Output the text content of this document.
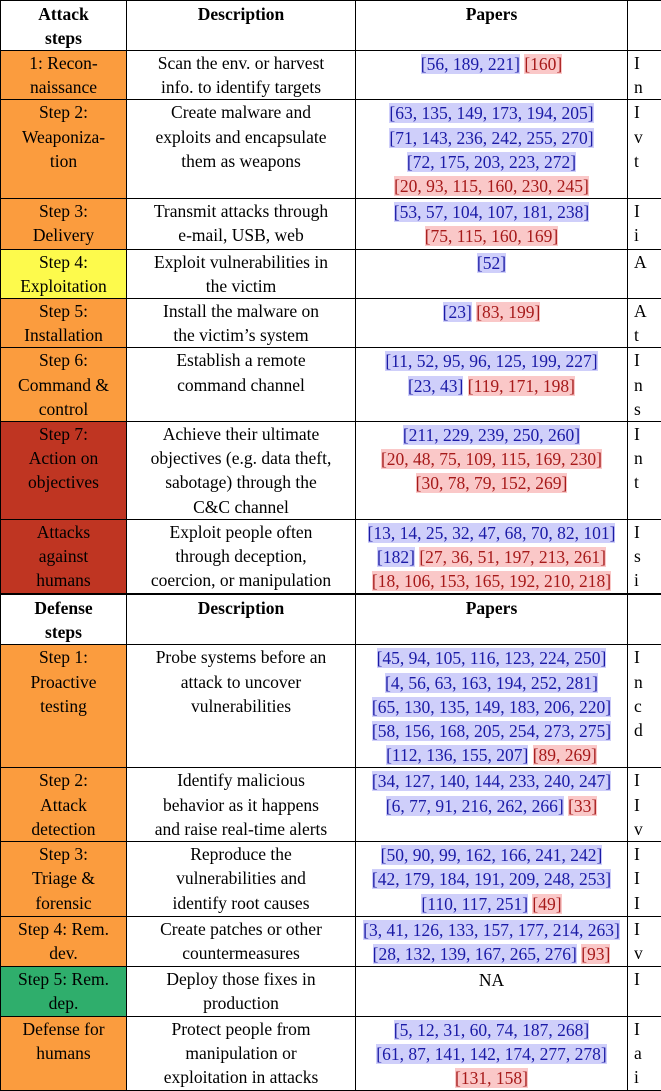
Attack steps	Description	Papers	

1: Recon-
naissance	Scan the env. or harvest
info. to identify targets	[56, 189, 221] [160]	I
n

Step 2:
Weaponiza-
tion	Create malware and
exploits and encapsulate
them as weapons	[63, 135, 149, 173, 194, 205]
[71, 143, 236, 242, 255, 270]
[72, 175, 203, 223, 272]
[20, 93, 115, 160, 230, 245]	I
v
t

Step 3:
Delivery	Transmit attacks through
e-mail, USB, web	[53, 57, 104, 107, 181, 238]
[75, 115, 160, 169]	I
i

Step 4:
Exploitation	Exploit vulnerabilities in
the victim	[52]	A

Step 5:
Installation	Install the malware on
the victim’s system	[23] [83, 199]	A
t

Step 6:
Command &
control	Establish a remote
command channel	[11, 52, 95, 96, 125, 199, 227]
[23, 43] [119, 171, 198]	I
n
s

Step 7:
Action on
objectives	Achieve their ultimate
objectives (e.g. data theft,
sabotage) through the
C&C channel	[211, 229, 239, 250, 260]
[20, 48, 75, 109, 115, 169, 230]
[30, 78, 79, 152, 269]	I
n
t

Attacks
against
humans	Exploit people often
through deception,
coercion, or manipulation	[13, 14, 25, 32, 47, 68, 70, 82, 101]
[182] [27, 36, 51, 197, 213, 261]
[18, 106, 153, 165, 192, 210, 218]	I
s
i

Defense steps	Description	Papers	

Step 1:
Proactive
testing	Probe systems before an
attack to uncover
vulnerabilities	[45, 94, 105, 116, 123, 224, 250]
[4, 56, 63, 163, 194, 252, 281]
[65, 130, 135, 149, 183, 206, 220]
[58, 156, 168, 205, 254, 273, 275]
[112, 136, 155, 207] [89, 269]	I
n
c
d

Step 2:
Attack
detection	Identify malicious
behavior as it happens
and raise real-time alerts	[34, 127, 140, 144, 233, 240, 247]
[6, 77, 91, 216, 262, 266] [33]	I
I
v

Step 3:
Triage &
forensic	Reproduce the
vulnerabilities and
identify root causes	[50, 90, 99, 162, 166, 241, 242]
[42, 179, 184, 191, 209, 248, 253]
[110, 117, 251] [49]	I
I
I

Step 4: Rem.
dev.	Create patches or other
countermeasures	[3, 41, 126, 133, 157, 177, 214, 263]
[28, 132, 139, 167, 265, 276] [93]	I
v

Step 5: Rem.
dep.	Deploy those fixes in
production	NA	I

Defense for
humans	Protect people from
manipulation or
exploitation in attacks	[5, 12, 31, 60, 74, 187, 268]
[61, 87, 141, 142, 174, 277, 278]
[131, 158]	I
a
i
